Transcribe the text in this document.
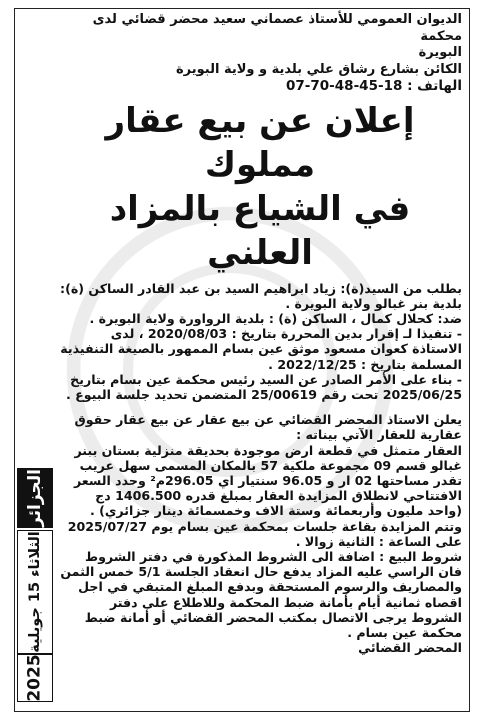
الديوان العمومي للأستاذ عصماني سعيد محضر قضائي لدى محكمة
البويرة
الكائن بشارع رشاق علي بلدية و ولاية البويرة
الهاتف : 18-45-48-70-07
إعلان عن بيع عقار مملوك
في الشياع بالمزاد العلني

بطلب من السيد(ة): زياد ابراهيم السيد بن عبد القادر الساكن (ة): بلدية بنر غبالو ولاية البويرة .

ضد: كحلال كمال ، الساكن (ة) : بلدية الرواورة ولاية البويرة .

- تنفيذا لـ إقرار بدين المحررة بتاريخ : 2020/08/03 ، لدى الاستاذة كعوان مسعود موثق عين بسام الممهور بالصيغة التنفيذية المسلمة بتاريخ : 2022/12/25 .

- بناء على الأمر الصادر عن السيد رئيس محكمة عين بسام بتاريخ 2025/06/25 تحت رقم 25/00619 المتضمن تحديد جلسة البيوع .

يعلن الاستاذ المحضر القضائي عن بيع عقار عن بيع عقار حقوق عقارية للعقار الآتي بيناته :

العقار متمثل في قطعة ارض موجودة بحديقة منزلية بستان ببنر غبالو قسم 09 مجموعة ملكية 57 بالمكان المسمى سهل عريب تقدر مساحتها 02 ار و 96.05 سنتيار اي 296.05م² وحدد السعر الافتتاحي لانطلاق المزايدة العقار بمبلغ قدره 1406.500 دج (واحد مليون وأربعمائة وستة الاف وخمسمائة دينار جزائري) .

وتتم المزايدة بقاعة جلسات بمحكمة عين بسام يوم 2025/07/27 على الساعة : الثانية زوالا .

شروط البيع : اضافة الى الشروط المذكورة في دفتر الشروط فان الراسي عليه المزاد يدفع حال انعقاد الجلسة 5/1 خمس الثمن والمصاريف والرسوم المستحقة وبدفع المبلغ المتبقي في اجل اقصاه ثمانية أيام بأمانة ضبط المحكمة وللاطلاع على دفتر الشروط يرجى الاتصال بمكتب المحضر القضائي أو أمانة ضبط محكمة عين بسام .

المحضر القضائي

الجزائر
الثلاثاء 15 جويلية
2025
